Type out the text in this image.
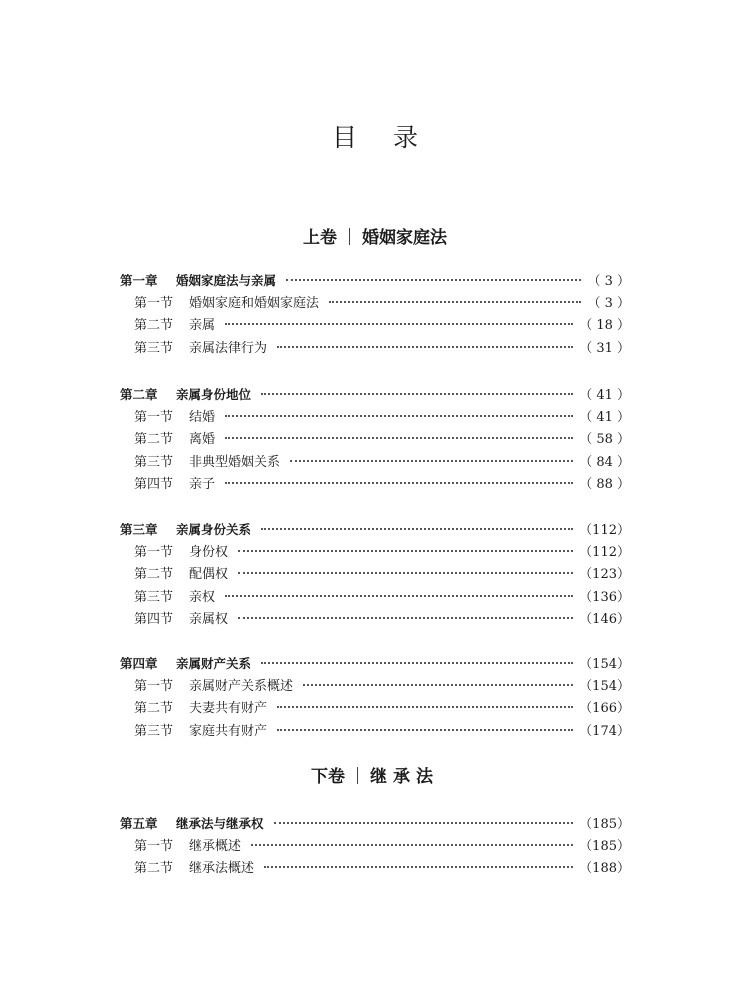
目 录
上卷 婚姻家庭法
第一章	婚姻家庭法与亲属	（ 3 ）
第一节	婚姻家庭和婚姻家庭法	（ 3 ）
第二节	亲属	（ 18 ）
第三节	亲属法律行为	（ 31 ）
第二章	亲属身份地位	（ 41 ）
第一节	结婚	（ 41 ）
第二节	离婚	（ 58 ）
第三节	非典型婚姻关系	（ 84 ）
第四节	亲子	（ 88 ）
第三章	亲属身份关系	（112）
第一节	身份权	（112）
第二节	配偶权	（123）
第三节	亲权	（136）
第四节	亲属权	（146）
第四章	亲属财产关系	（154）
第一节	亲属财产关系概述	（154）
第二节	夫妻共有财产	（166）
第三节	家庭共有财产	（174）
下卷 继承法
第五章	继承法与继承权	（185）
第一节	继承概述	（185）
第二节	继承法概述	（188）
